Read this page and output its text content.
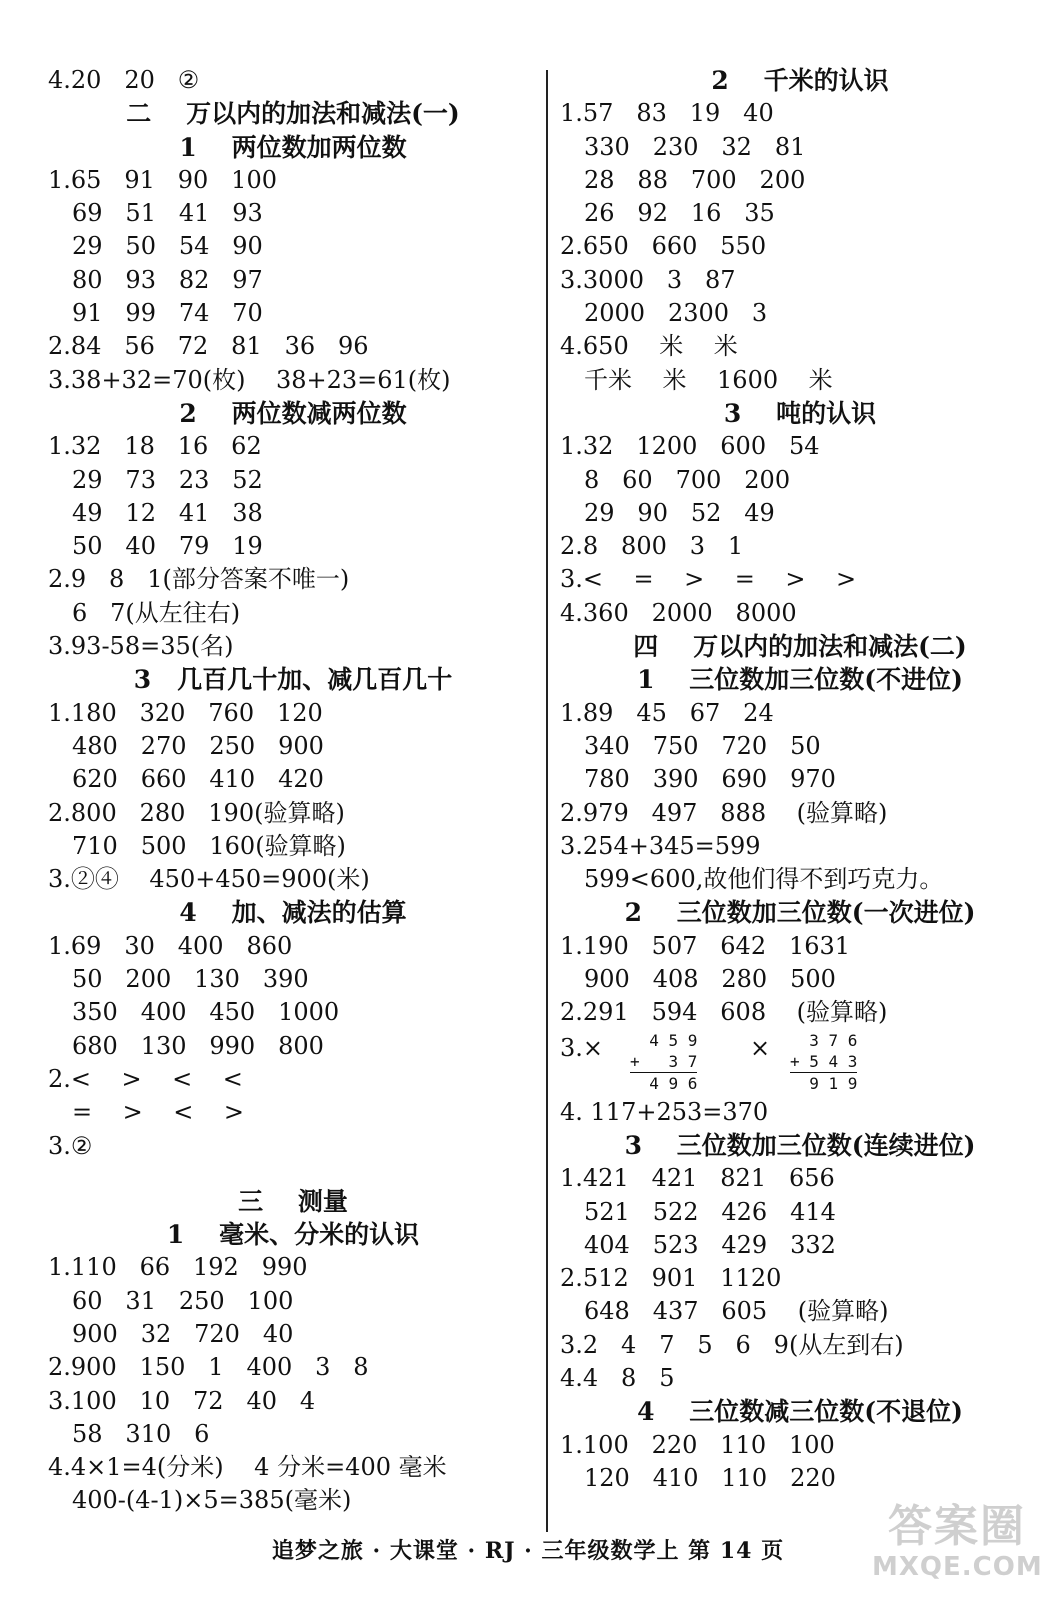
4.20   20   ②
二    万以内的加法和减法(一)
1    两位数加两位数
1.65   91   90   100
69   51   41   93
29   50   54   90
80   93   82   97
91   99   74   70
2.84   56   72   81   36   96
3.38+32=70(枚)    38+23=61(枚)
2    两位数减两位数
1.32   18   16   62
29   73   23   52
49   12   41   38
50   40   79   19
2.9   8   1(部分答案不唯一)
6   7(从左往右)
3.93-58=35(名)
3   几百几十加、减几百几十
1.180   320   760   120
480   270   250   900
620   660   410   420
2.800   280   190(验算略)
710   500   160(验算略)
3.②④    450+450=900(米)
4    加、减法的估算
1.69   30   400   860
50   200   130   390
350   400   450   1000
680   130   990   800
2.<    >    <    <
=    >    <    >
3.②
三    测量
1    毫米、分米的认识
1.110   66   192   990
60   31   250   100
900   32   720   40
2.900   150   1   400   3   8
3.100   10   72   40   4
58   310   6
4.4×1=4(分米)    4 分米=400 毫米
400-(4-1)×5=385(毫米)
2    千米的认识
1.57   83   19   40
330   230   32   81
28   88   700   200
26   92   16   35
2.650   660   550
3.3000   3   87
2000   2300   3
4.650    米    米
千米    米    1600    米
3    吨的认识
1.32   1200   600   54
8   60   700   200
29   90   52   49
2.8   800   3   1
3.<    =    >    =    >    >
4.360   2000   8000
四    万以内的加法和减法(二)
1    三位数加三位数(不进位)
1.89   45   67   24
340   750   720   50
780   390   690   970
2.979   497   888    (验算略)
3.254+345=599
599<600,故他们得不到巧克力。
2    三位数加三位数(一次进位)
1.190   507   642   1631
900   408   280   500
2.291   594   608    (验算略)
3.×	4 5 9
+   3 7
4 9 6
×	3 7 6
+ 5 4 3
9 1 9
4. 117+253=370
3    三位数加三位数(连续进位)
1.421   421   821   656
521   522   426   414
404   523   429   332
2.512   901   1120
648   437   605    (验算略)
3.2   4   7   5   6   9(从左到右)
4.4   8   5
4    三位数减三位数(不退位)
1.100   220   110   100
120   410   110   220
追梦之旅 · 大课堂 · RJ · 三年级数学上 第 14 页	答案圈
MXQE.COM
